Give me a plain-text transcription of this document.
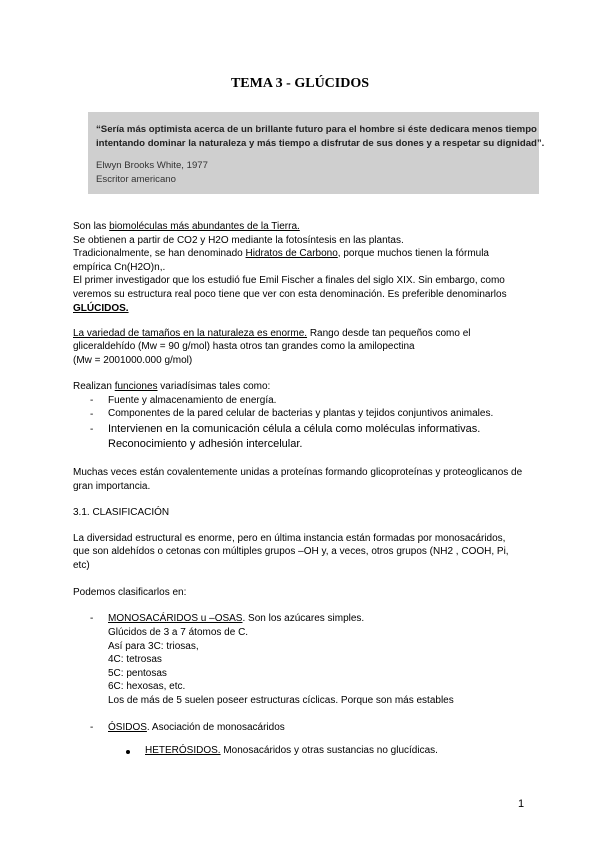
TEMA 3 - GLÚCIDOS
“Sería más optimista acerca de un brillante futuro para el hombre si éste dedicara menos tiempo
intentando dominar la naturaleza y más tiempo a disfrutar de sus dones y a respetar su dignidad”.
Elwyn Brooks White, 1977
Escritor americano
Son las biomoléculas más abundantes de la Tierra.
Se obtienen a partir de CO2 y H2O mediante la fotosíntesis en las plantas.
Tradicionalmente, se han denominado Hidratos de Carbono, porque muchos tienen la fórmula
empírica Cn(H2O)n,.
El primer investigador que los estudió fue Emil Fischer a finales del siglo XIX. Sin embargo, como
veremos su estructura real poco tiene que ver con esta denominación. Es preferible denominarlos
GLÚCIDOS.
La variedad de tamaños en la naturaleza es enorme. Rango desde tan pequeños como el
gliceraldehído (Mw = 90 g/mol) hasta otros tan grandes como la amilopectina
(Mw = 2001000.000 g/mol)
Realizan funciones variadísimas tales como:
- Fuente y almacenamiento de energía.
- Componentes de la pared celular de bacterias y plantas y tejidos conjuntivos animales.
- Intervienen en la comunicación célula a célula como moléculas informativas.
Reconocimiento y adhesión intercelular.
Muchas veces están covalentemente unidas a proteínas formando glicoproteínas y proteoglicanos de
gran importancia.
3.1. CLASIFICACIÓN
La diversidad estructural es enorme, pero en última instancia están formadas por monosacáridos,
que son aldehídos o cetonas con múltiples grupos –OH y, a veces, otros grupos (NH2 , COOH, Pi,
etc)
Podemos clasificarlos en:
- MONOSACÁRIDOS u –OSAS. Son los azúcares simples.
Glúcidos de 3 a 7 átomos de C.
Así para 3C: triosas,
4C: tetrosas
5C: pentosas
6C: hexosas, etc.
Los de más de 5 suelen poseer estructuras cíclicas. Porque son más estables
- ÓSIDOS. Asociación de monosacáridos
HETERÓSIDOS. Monosacáridos y otras sustancias no glucídicas.
1
